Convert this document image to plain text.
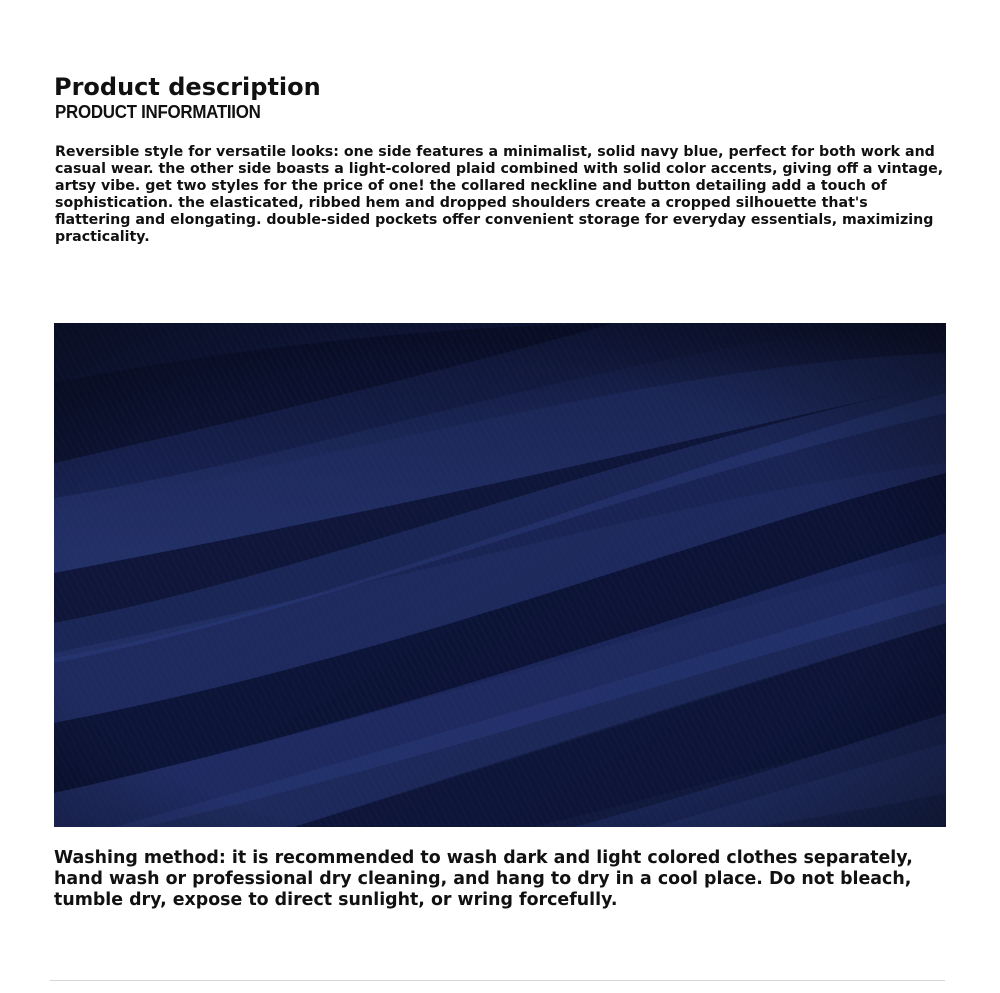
Product description
PRODUCT INFORMATIION

Reversible style for versatile looks: one side features a minimalist, solid navy blue, perfect for both work and casual wear. the other side boasts a light-colored plaid combined with solid color accents, giving off a vintage, artsy vibe. get two styles for the price of one! the collared neckline and button detailing add a touch of sophistication. the elasticated, ribbed hem and dropped shoulders create a cropped silhouette that's flattering and elongating. double-sided pockets offer convenient storage for everyday essentials, maximizing practicality.

Washing method: it is recommended to wash dark and light colored clothes separately, hand wash or professional dry cleaning, and hang to dry in a cool place. Do not bleach, tumble dry, expose to direct sunlight, or wring forcefully.
